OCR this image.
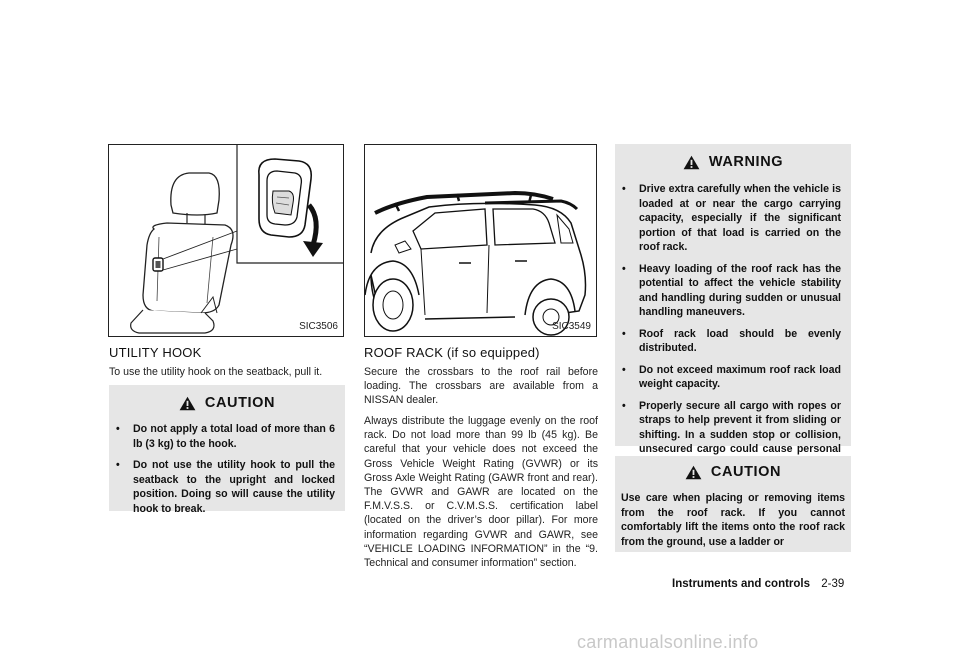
SIC3506
UTILITY HOOK

To use the utility hook on the seatback, pull it.

CAUTION
• Do not apply a total load of more than 6 lb (3 kg) to the hook.
• Do not use the utility hook to pull the seatback to the upright and locked position. Doing so will cause the utility hook to break.
SIC3549
ROOF RACK (if so equipped)

Secure the crossbars to the roof rail before loading. The crossbars are available from a NISSAN dealer.

Always distribute the luggage evenly on the roof rack. Do not load more than 99 lb (45 kg). Be careful that your vehicle does not exceed the Gross Vehicle Weight Rating (GVWR) or its Gross Axle Weight Rating (GAWR front and rear). The GVWR and GAWR are located on the F.M.V.S.S. or C.V.M.S.S. certification label (located on the driver’s door pillar). For more information regarding GVWR and GAWR, see “VEHICLE LOADING INFORMATION” in the “9. Technical and consumer information” section.

WARNING
• Drive extra carefully when the vehicle is loaded at or near the cargo carrying capacity, especially if the significant portion of that load is carried on the roof rack.
• Heavy loading of the roof rack has the potential to affect the vehicle stability and handling during sudden or unusual handling maneuvers.
• Roof rack load should be evenly distributed.
• Do not exceed maximum roof rack load weight capacity.
• Properly secure all cargo with ropes or straps to help prevent it from sliding or shifting. In a sudden stop or collision, unsecured cargo could cause personal
CAUTION

Use care when placing or removing items from the roof rack. If you cannot comfortably lift the items onto the roof rack from the ground, use a ladder or

Instruments and controls 2-39
carmanualsonline.info
